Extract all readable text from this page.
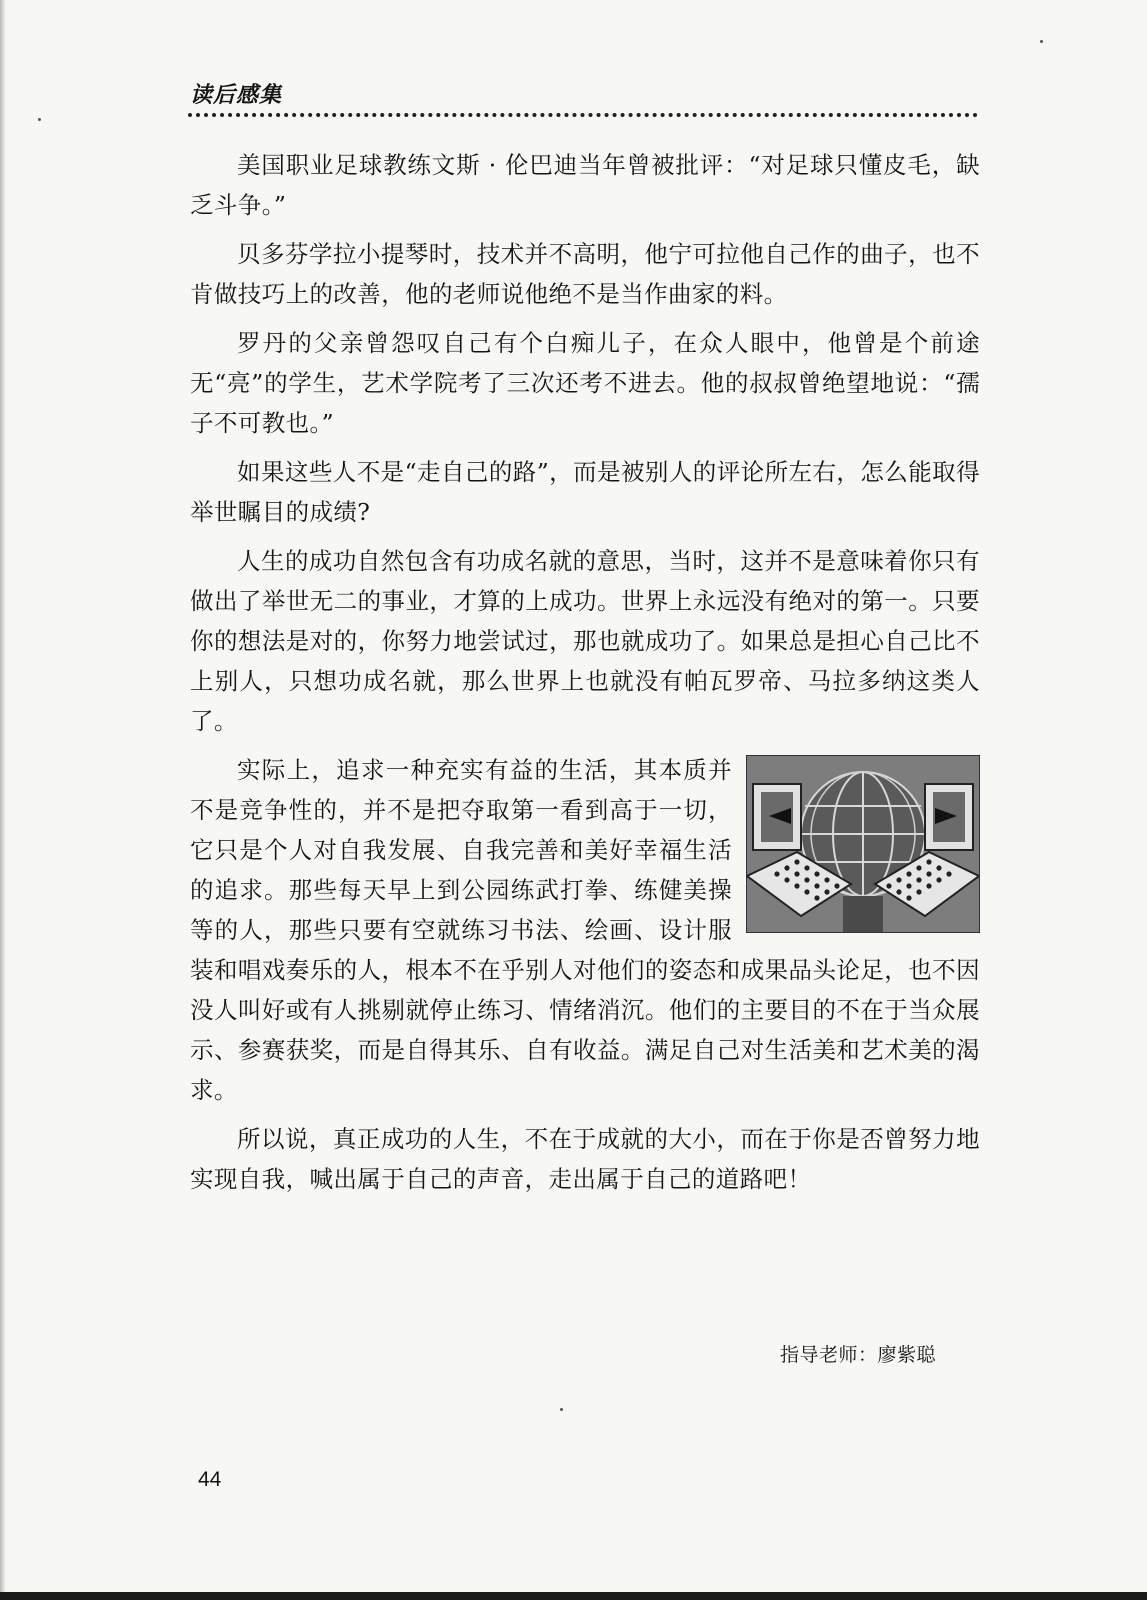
读后感集

美国职业足球教练文斯 · 伦巴迪当年曾被批评：“对足球只懂皮毛，缺乏斗争。”

贝多芬学拉小提琴时，技术并不高明，他宁可拉他自己作的曲子，也不肯做技巧上的改善，他的老师说他绝不是当作曲家的料。

罗丹的父亲曾怨叹自己有个白痴儿子，在众人眼中，他曾是个前途无“亮”的学生，艺术学院考了三次还考不进去。他的叔叔曾绝望地说：“孺子不可教也。”

如果这些人不是“走自己的路”，而是被别人的评论所左右，怎么能取得举世瞩目的成绩?

人生的成功自然包含有功成名就的意思，当时，这并不是意味着你只有做出了举世无二的事业，才算的上成功。世界上永远没有绝对的第一。只要你的想法是对的，你努力地尝试过，那也就成功了。如果总是担心自己比不上别人，只想功成名就，那么世界上也就没有帕瓦罗帝、马拉多纳这类人了。

实际上，追求一种充实有益的生活，其本质并不是竞争性的，并不是把夺取第一看到高于一切，它只是个人对自我发展、自我完善和美好幸福生活的追求。那些每天早上到公园练武打拳、练健美操等的人，那些只要有空就练习书法、绘画、设计服装和唱戏奏乐的人，根本不在乎别人对他们的姿态和成果品头论足，也不因没人叫好或有人挑剔就停止练习、情绪消沉。他们的主要目的不在于当众展示、参赛获奖，而是自得其乐、自有收益。满足自己对生活美和艺术美的渴求。

所以说，真正成功的人生，不在于成就的大小，而在于你是否曾努力地实现自我，喊出属于自己的声音，走出属于自己的道路吧！

指导老师：廖紫聪
44
